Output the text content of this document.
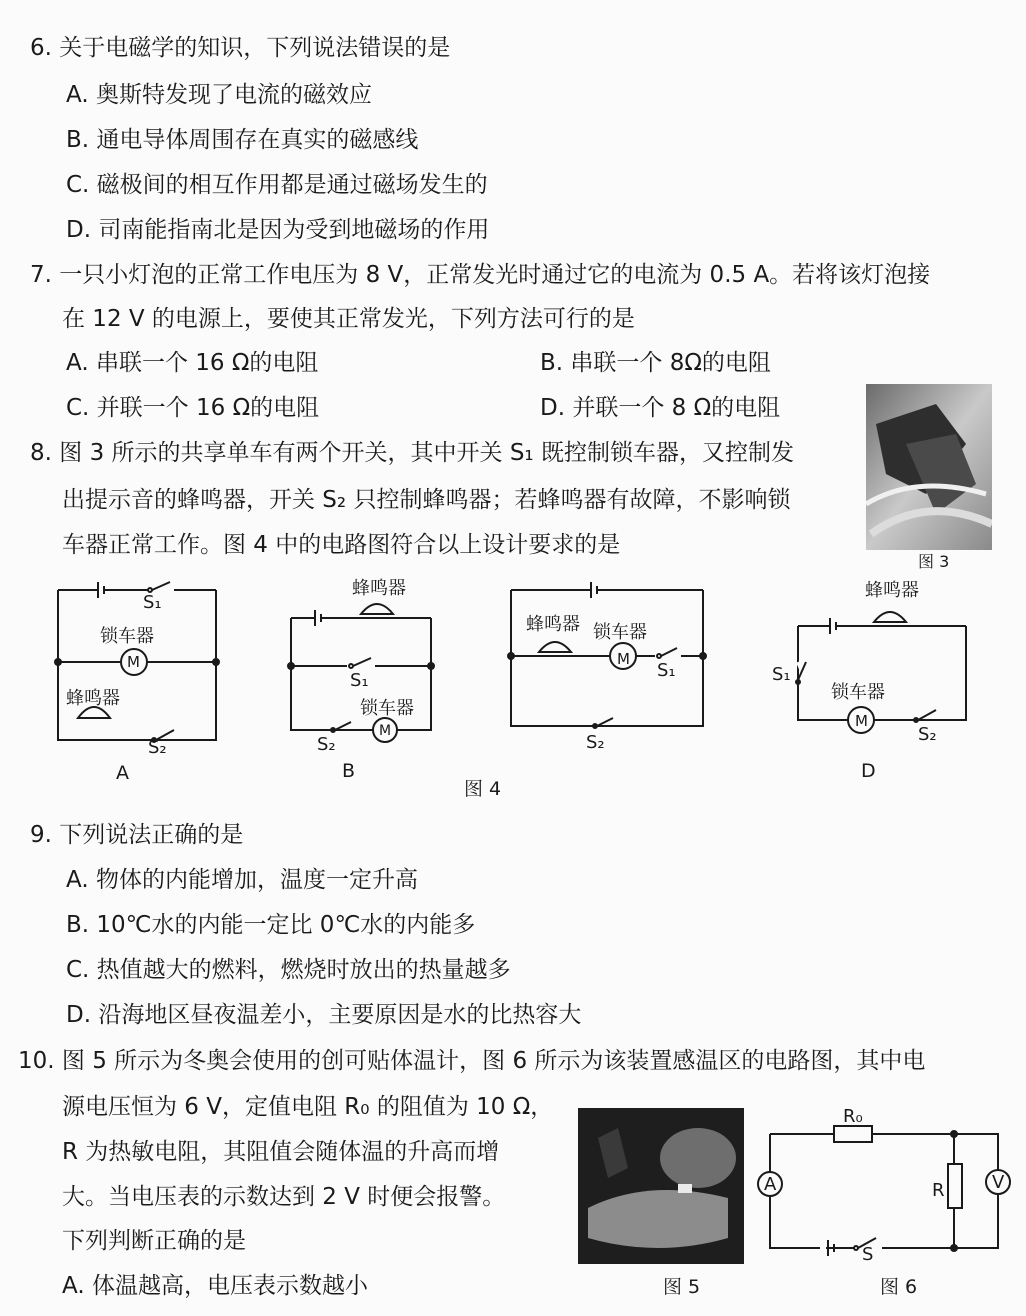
6. 关于电磁学的知识，下列说法错误的是
A. 奥斯特发现了电流的磁效应
B. 通电导体周围存在真实的磁感线
C. 磁极间的相互作用都是通过磁场发生的
D. 司南能指南北是因为受到地磁场的作用
7. 一只小灯泡的正常工作电压为 8 V，正常发光时通过它的电流为 0.5 A。若将该灯泡接
在 12 V 的电源上，要使其正常发光，下列方法可行的是
A. 串联一个 16 Ω的电阻	B. 串联一个 8Ω的电阻
C. 并联一个 16 Ω的电阻	D. 并联一个 8 Ω的电阻
8. 图 3 所示的共享单车有两个开关，其中开关 S₁ 既控制锁车器，又控制发
出提示音的蜂鸣器，开关 S₂ 只控制蜂鸣器；若蜂鸣器有故障，不影响锁
车器正常工作。图 4 中的电路图符合以上设计要求的是
图 3
S₁
锁车器
M
蜂鸣器
S₂
A
蜂鸣器
S₁
锁车器
M
S₂
B
蜂鸣器 锁车器
M
S₁
S₂
蜂鸣器
S₁
锁车器
M
S₂
D
图 4
9. 下列说法正确的是
A. 物体的内能增加，温度一定升高
B. 10℃水的内能一定比 0℃水的内能多
C. 热值越大的燃料，燃烧时放出的热量越多
D. 沿海地区昼夜温差小，主要原因是水的比热容大
10. 图 5 所示为冬奥会使用的创可贴体温计，图 6 所示为该装置感温区的电路图，其中电
源电压恒为 6 V，定值电阻 R₀ 的阻值为 10 Ω，
R 为热敏电阻，其阻值会随体温的升高而增
大。当电压表的示数达到 2 V 时便会报警。
下列判断正确的是
A. 体温越高，电压表示数越小	图 5
R₀
A	V
R
S
图 6
